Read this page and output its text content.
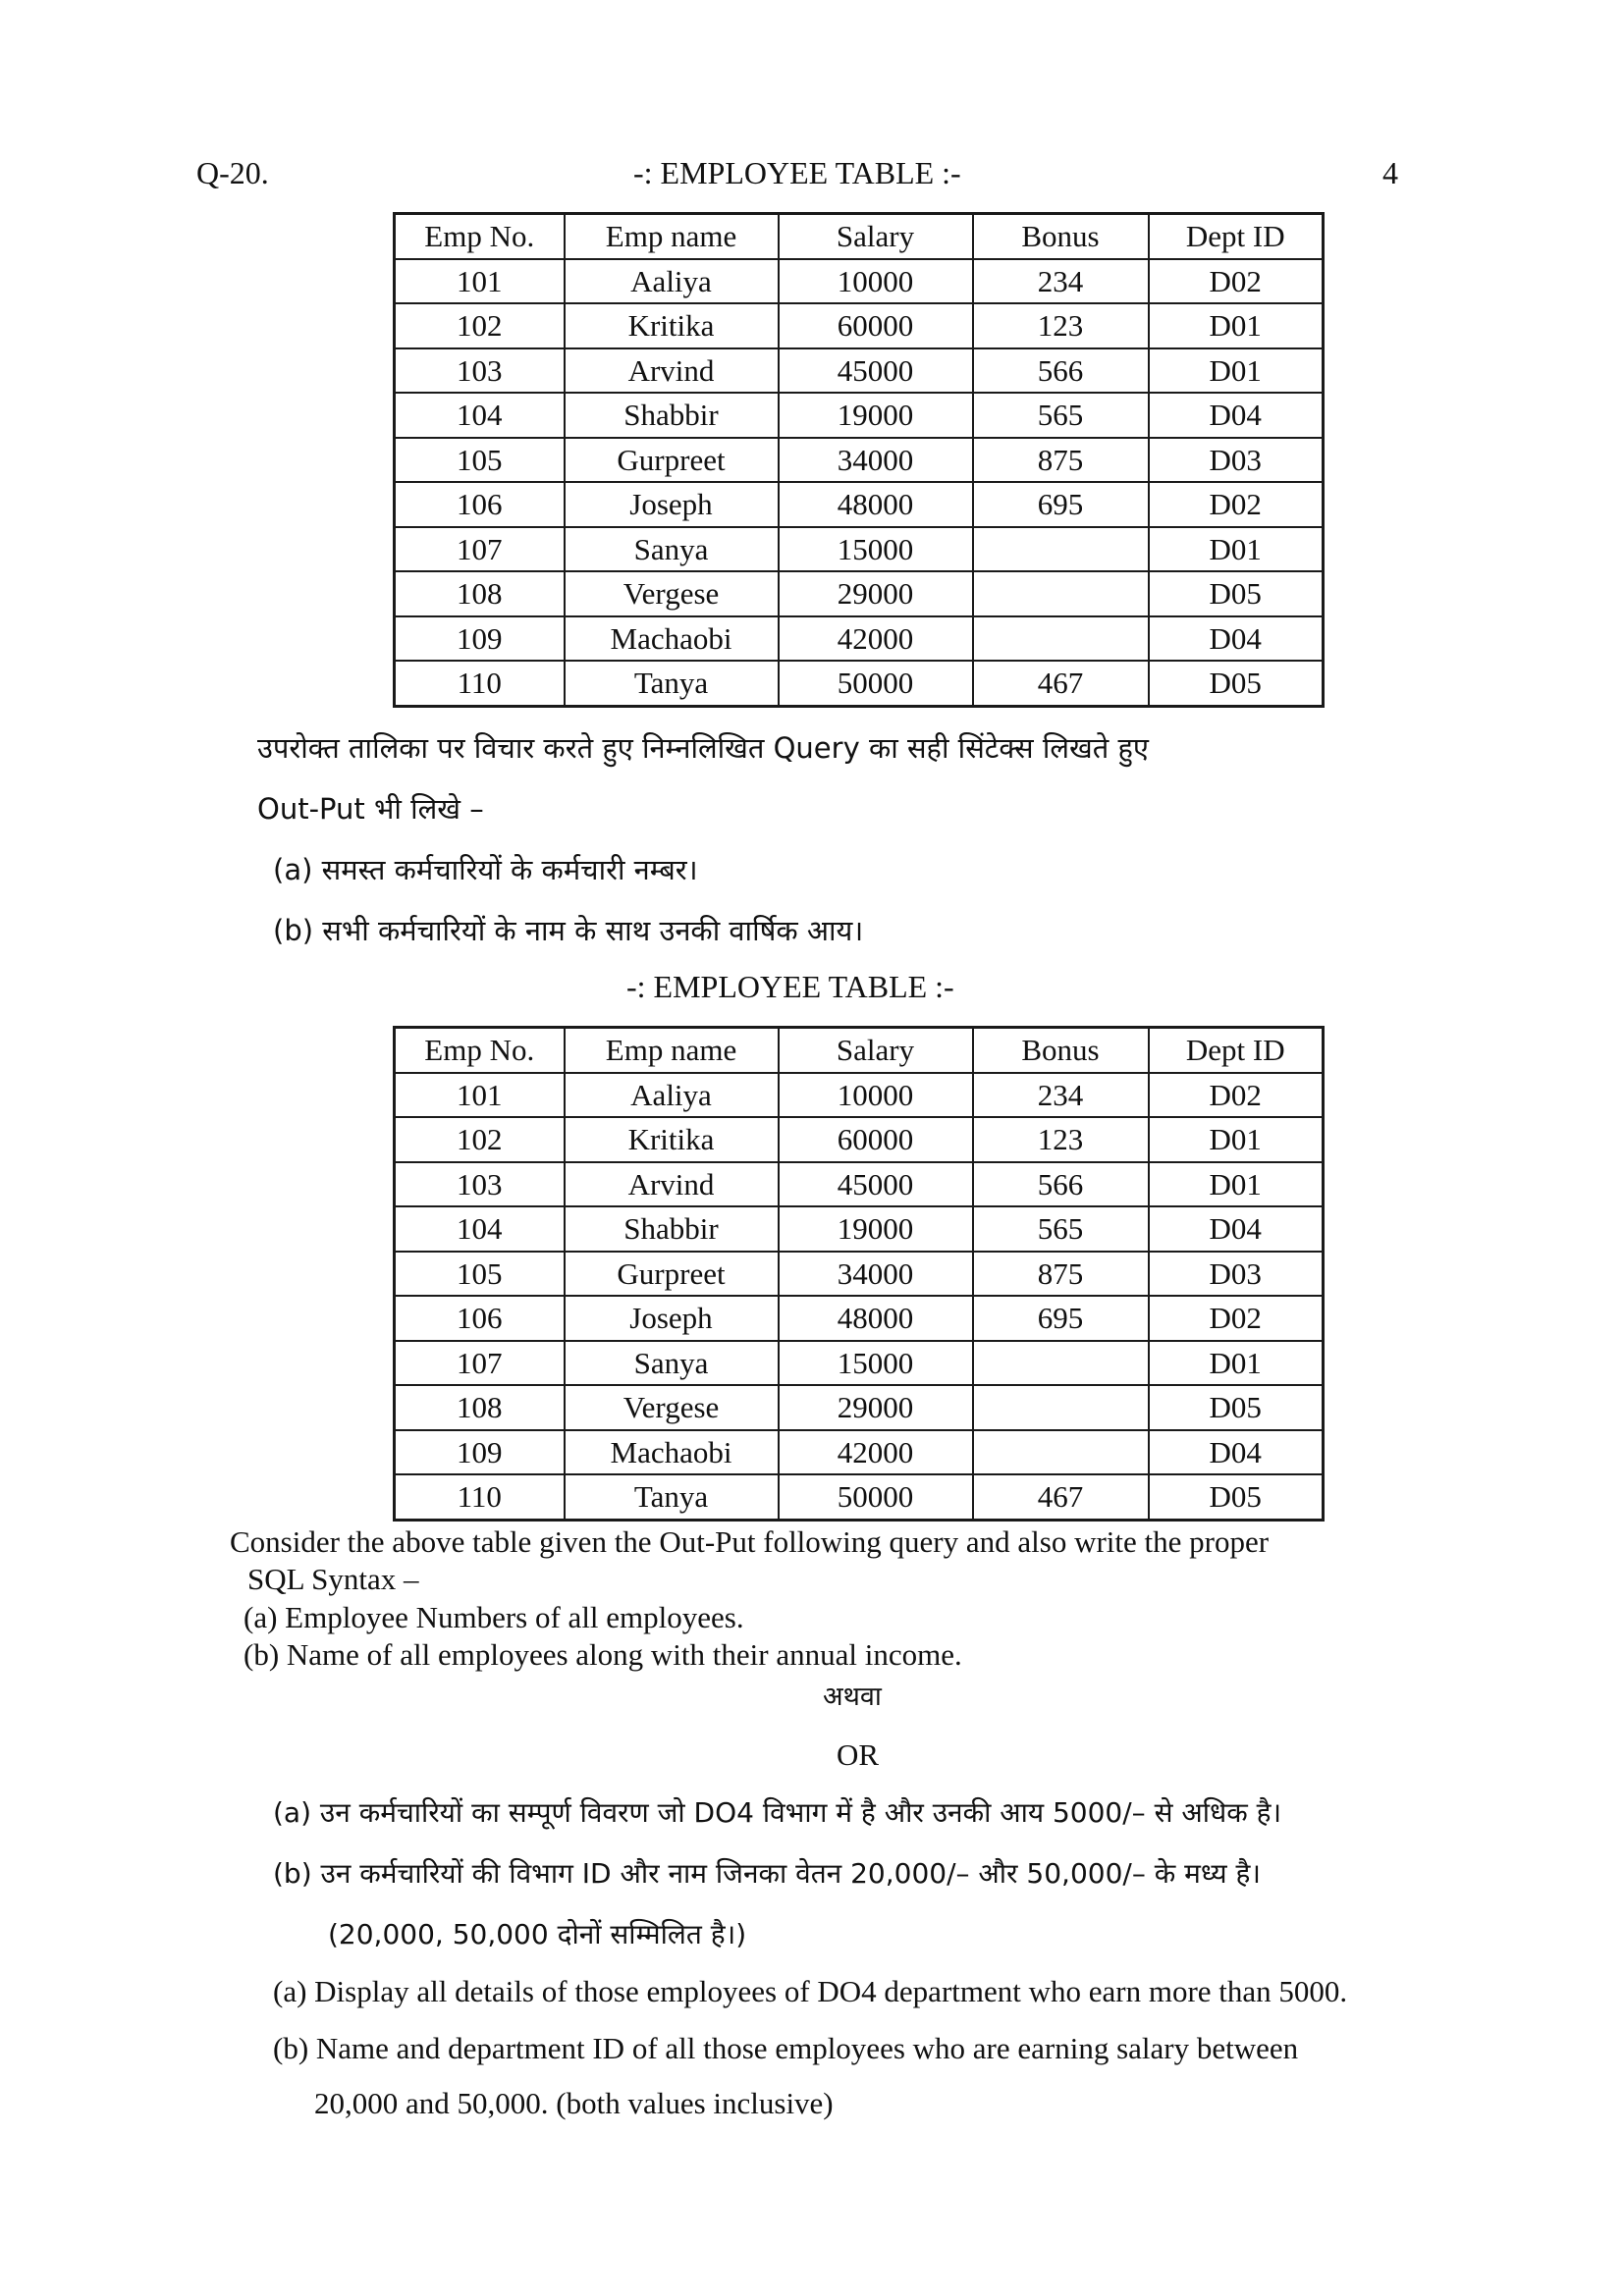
Q-20.	-: EMPLOYEE TABLE :-	4
Emp No.	Emp name	Salary	Bonus	Dept ID
101	Aaliya	10000	234	D02
102	Kritika	60000	123	D01
103	Arvind	45000	566	D01
104	Shabbir	19000	565	D04
105	Gurpreet	34000	875	D03
106	Joseph	48000	695	D02
107	Sanya	15000		D01
108	Vergese	29000		D05
109	Machaobi	42000		D04
110	Tanya	50000	467	D05
उपरोक्त तालिका पर विचार करते हुए निम्नलिखित Query का सही सिंटेक्स लिखते हुए
Out-Put भी लिखे –
(a) समस्त कर्मचारियों के कर्मचारी नम्बर।
(b) सभी कर्मचारियों के नाम के साथ उनकी वार्षिक आय।
-: EMPLOYEE TABLE :-
Emp No.	Emp name	Salary	Bonus	Dept ID
101	Aaliya	10000	234	D02
102	Kritika	60000	123	D01
103	Arvind	45000	566	D01
104	Shabbir	19000	565	D04
105	Gurpreet	34000	875	D03
106	Joseph	48000	695	D02
107	Sanya	15000		D01
108	Vergese	29000		D05
109	Machaobi	42000		D04
110	Tanya	50000	467	D05
Consider the above table given the Out-Put following query and also write the proper
SQL Syntax –
(a) Employee Numbers of all employees.
(b) Name of all employees along with their annual income.
अथवा
OR
(a) उन कर्मचारियों का सम्पूर्ण विवरण जो DO4 विभाग में है और उनकी आय 5000/– से अधिक है।
(b) उन कर्मचारियों की विभाग ID और नाम जिनका वेतन 20,000/– और 50,000/– के मध्य है।
(20,000, 50,000 दोनों सम्मिलित है।)
(a) Display all details of those employees of DO4 department who earn more than 5000.
(b) Name and department ID of all those employees who are earning salary between
20,000 and 50,000. (both values inclusive)
